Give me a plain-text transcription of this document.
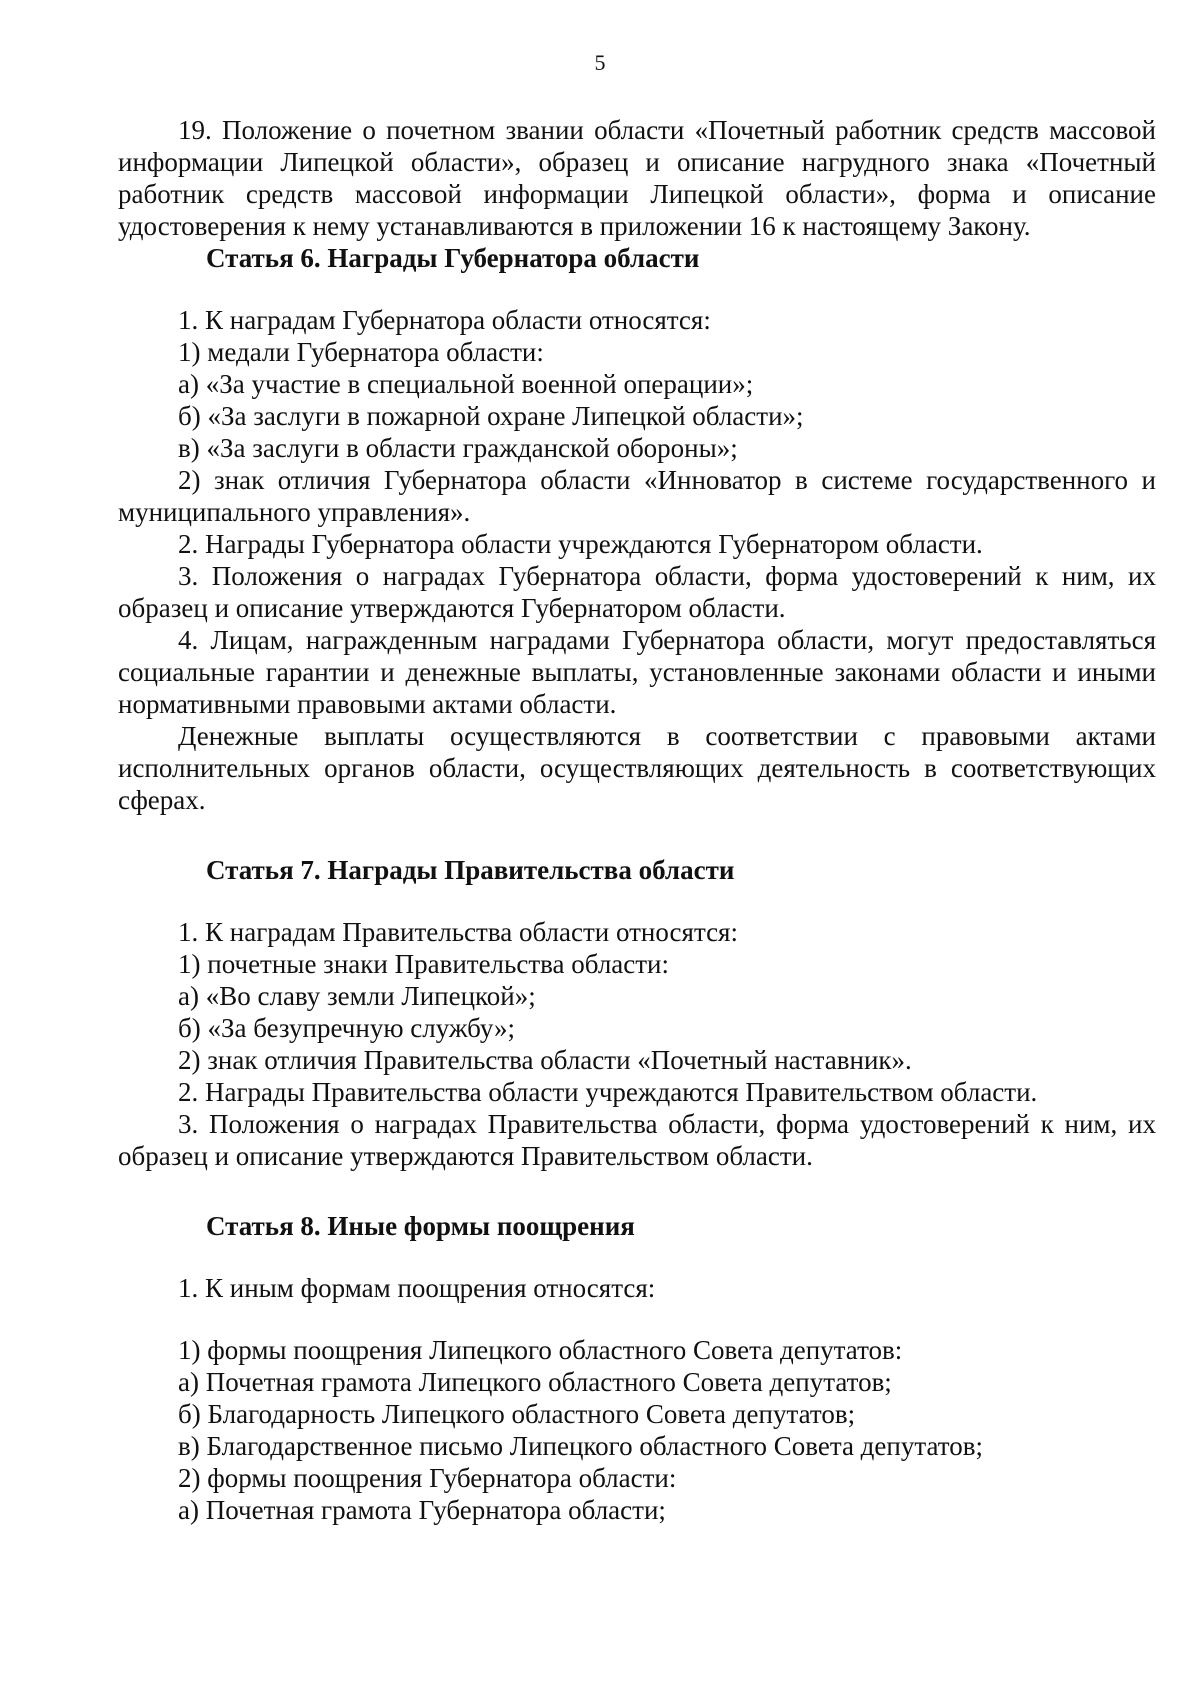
5

19. Положение о почетном звании области «Почетный работник средств массовой информации Липецкой области», образец и описание нагрудного знака «Почетный работник средств массовой информации Липецкой области», форма и описание удостоверения к нему устанавливаются в приложении 16 к настоящему Закону.

Статья 6. Награды Губернатора области

1. К наградам Губернатора области относятся:

1) медали Губернатора области:

а) «За участие в специальной военной операции»;

б) «За заслуги в пожарной охране Липецкой области»;

в) «За заслуги в области гражданской обороны»;

2) знак отличия Губернатора области «Инноватор в системе государственного и муниципального управления».

2. Награды Губернатора области учреждаются Губернатором области.

3. Положения о наградах Губернатора области, форма удостоверений к ним, их образец и описание утверждаются Губернатором области.

4. Лицам, награжденным наградами Губернатора области, могут предоставляться социальные гарантии и денежные выплаты, установленные законами области и иными нормативными правовыми актами области.

Денежные выплаты осуществляются в соответствии с правовыми актами исполнительных органов области, осуществляющих деятельность в соответствующих сферах.

Статья 7. Награды Правительства области

1. К наградам Правительства области относятся:

1) почетные знаки Правительства области:

а) «Во славу земли Липецкой»;

б) «За безупречную службу»;

2) знак отличия Правительства области «Почетный наставник».

2. Награды Правительства области учреждаются Правительством области.

3. Положения о наградах Правительства области, форма удостоверений к ним, их образец и описание утверждаются Правительством области.

Статья 8. Иные формы поощрения

1. К иным формам поощрения относятся:

1) формы поощрения Липецкого областного Совета депутатов:

а) Почетная грамота Липецкого областного Совета депутатов;

б) Благодарность Липецкого областного Совета депутатов;

в) Благодарственное письмо Липецкого областного Совета депутатов;

2) формы поощрения Губернатора области:

а) Почетная грамота Губернатора области;
